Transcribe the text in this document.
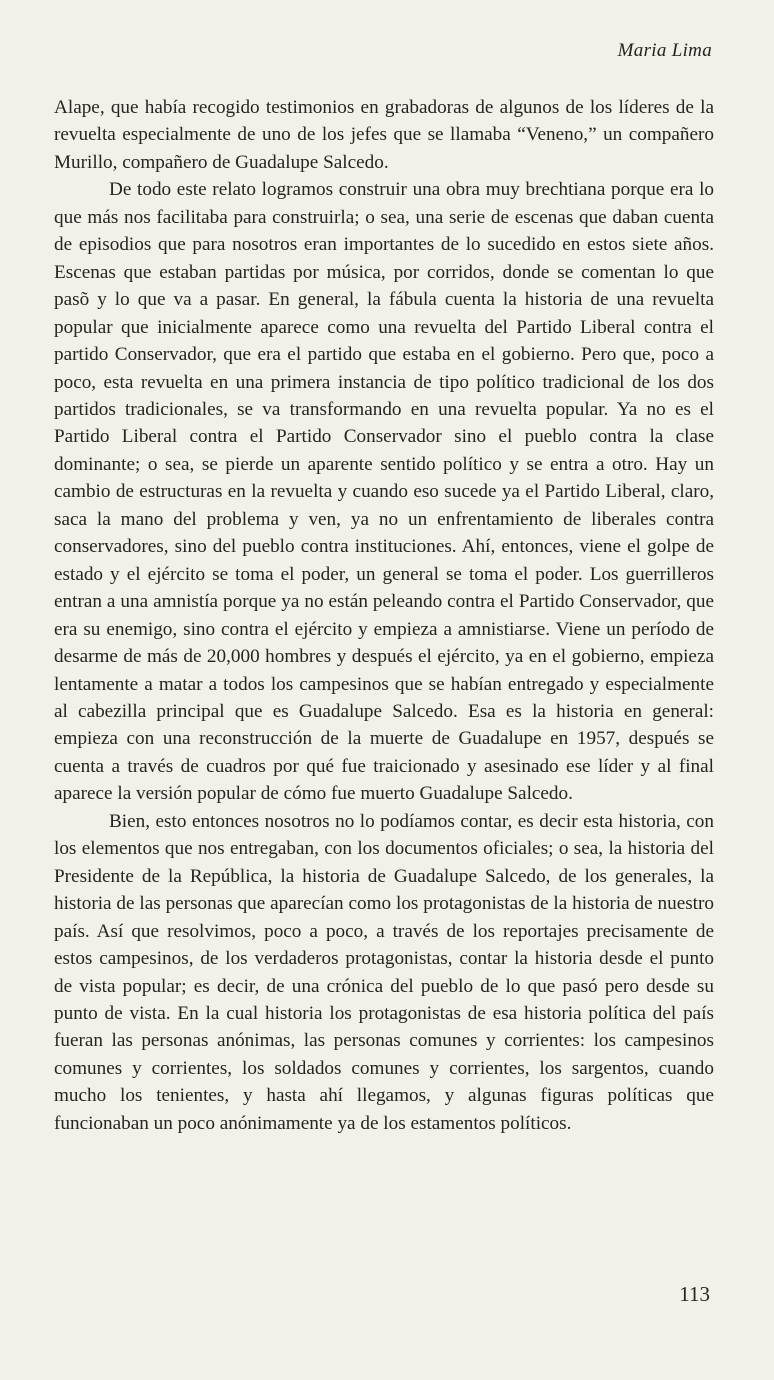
Maria Lima

Alape, que había recogido testimonios en grabadoras de algunos de los líderes de la revuelta especialmente de uno de los jefes que se llamaba “Veneno,” un compañero Murillo, compañero de Guadalupe Salcedo.

De todo este relato logramos construir una obra muy brechtiana porque era lo que más nos facilitaba para construirla; o sea, una serie de escenas que daban cuenta de episodios que para nosotros eran importantes de lo sucedido en estos siete años. Escenas que estaban partidas por música, por corridos, donde se comentan lo que pasõ y lo que va a pasar. En general, la fábula cuenta la historia de una revuelta popular que inicialmente aparece como una revuelta del Partido Liberal contra el partido Conservador, que era el partido que estaba en el gobierno. Pero que, poco a poco, esta revuelta en una primera instancia de tipo político tradicional de los dos partidos tradicionales, se va transformando en una revuelta popular. Ya no es el Partido Liberal contra el Partido Conservador sino el pueblo contra la clase dominante; o sea, se pierde un aparente sentido político y se entra a otro. Hay un cambio de estructuras en la revuelta y cuando eso sucede ya el Partido Liberal, claro, saca la mano del problema y ven, ya no un enfrentamiento de liberales contra conservadores, sino del pueblo contra instituciones. Ahí, entonces, viene el golpe de estado y el ejército se toma el poder, un general se toma el poder. Los guerrilleros entran a una amnistía porque ya no están peleando contra el Partido Conservador, que era su enemigo, sino contra el ejército y empieza a amnistiarse. Viene un período de desarme de más de 20,000 hombres y después el ejército, ya en el gobierno, empieza lentamente a matar a todos los campesinos que se habían entregado y especialmente al cabezilla principal que es Guadalupe Salcedo. Esa es la historia en general: empieza con una reconstrucción de la muerte de Guadalupe en 1957, después se cuenta a través de cuadros por qué fue traicionado y asesinado ese líder y al final aparece la versión popular de cómo fue muerto Guadalupe Salcedo.

Bien, esto entonces nosotros no lo podíamos contar, es decir esta historia, con los elementos que nos entregaban, con los documentos oficiales; o sea, la historia del Presidente de la República, la historia de Guadalupe Salcedo, de los generales, la historia de las personas que aparecían como los protagonistas de la historia de nuestro país. Así que resolvimos, poco a poco, a través de los reportajes precisamente de estos campesinos, de los verdaderos protagonistas, contar la historia desde el punto de vista popular; es decir, de una crónica del pueblo de lo que pasó pero desde su punto de vista. En la cual historia los protagonistas de esa historia política del país fueran las personas anónimas, las personas comunes y corrientes: los campesinos comunes y corrientes, los soldados comunes y corrientes, los sargentos, cuando mucho los tenientes, y hasta ahí llegamos, y algunas figuras políticas que funcionaban un poco anónimamente ya de los estamentos políticos.

113
